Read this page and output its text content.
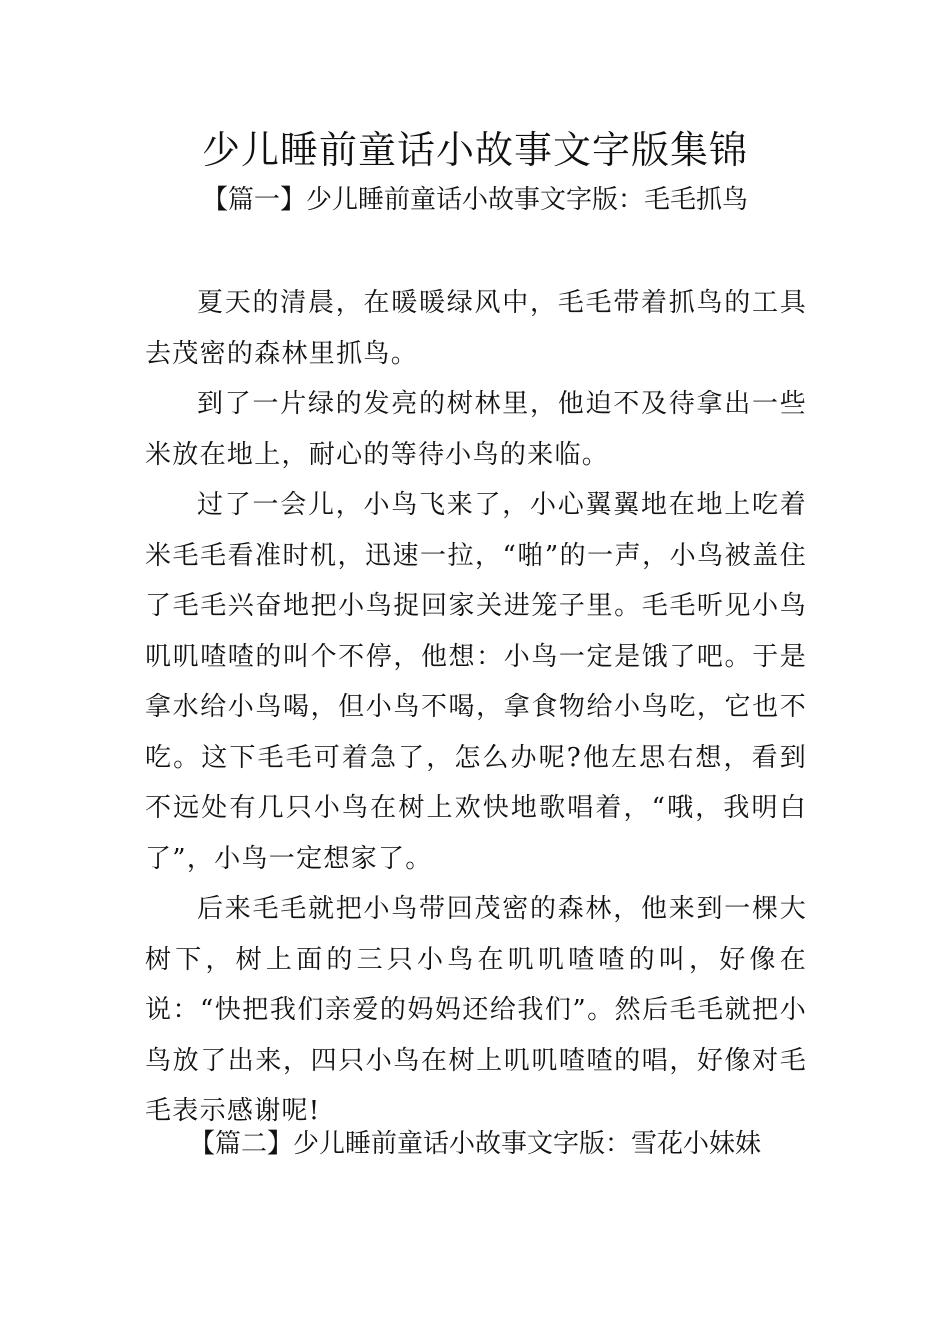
少儿睡前童话小故事文字版集锦
【篇一】少儿睡前童话小故事文字版：毛毛抓鸟

夏天的清晨，在暖暖绿风中，毛毛带着抓鸟的工具去茂密的森林里抓鸟。

到了一片绿的发亮的树林里，他迫不及待拿出一些米放在地上，耐心的等待小鸟的来临。

过了一会儿，小鸟飞来了，小心翼翼地在地上吃着米毛毛看准时机，迅速一拉，“啪”的一声，小鸟被盖住了毛毛兴奋地把小鸟捉回家关进笼子里。毛毛听见小鸟叽叽喳喳的叫个不停，他想：小鸟一定是饿了吧。于是拿水给小鸟喝，但小鸟不喝，拿食物给小鸟吃，它也不吃。这下毛毛可着急了，怎么办呢?他左思右想，看到不远处有几只小鸟在树上欢快地歌唱着，“哦，我明白了”，小鸟一定想家了。

后来毛毛就把小鸟带回茂密的森林，他来到一棵大树下，树上面的三只小鸟在叽叽喳喳的叫，好像在说：“快把我们亲爱的妈妈还给我们”。然后毛毛就把小鸟放了出来，四只小鸟在树上叽叽喳喳的唱，好像对毛毛表示感谢呢!

【篇二】少儿睡前童话小故事文字版：雪花小妹妹
